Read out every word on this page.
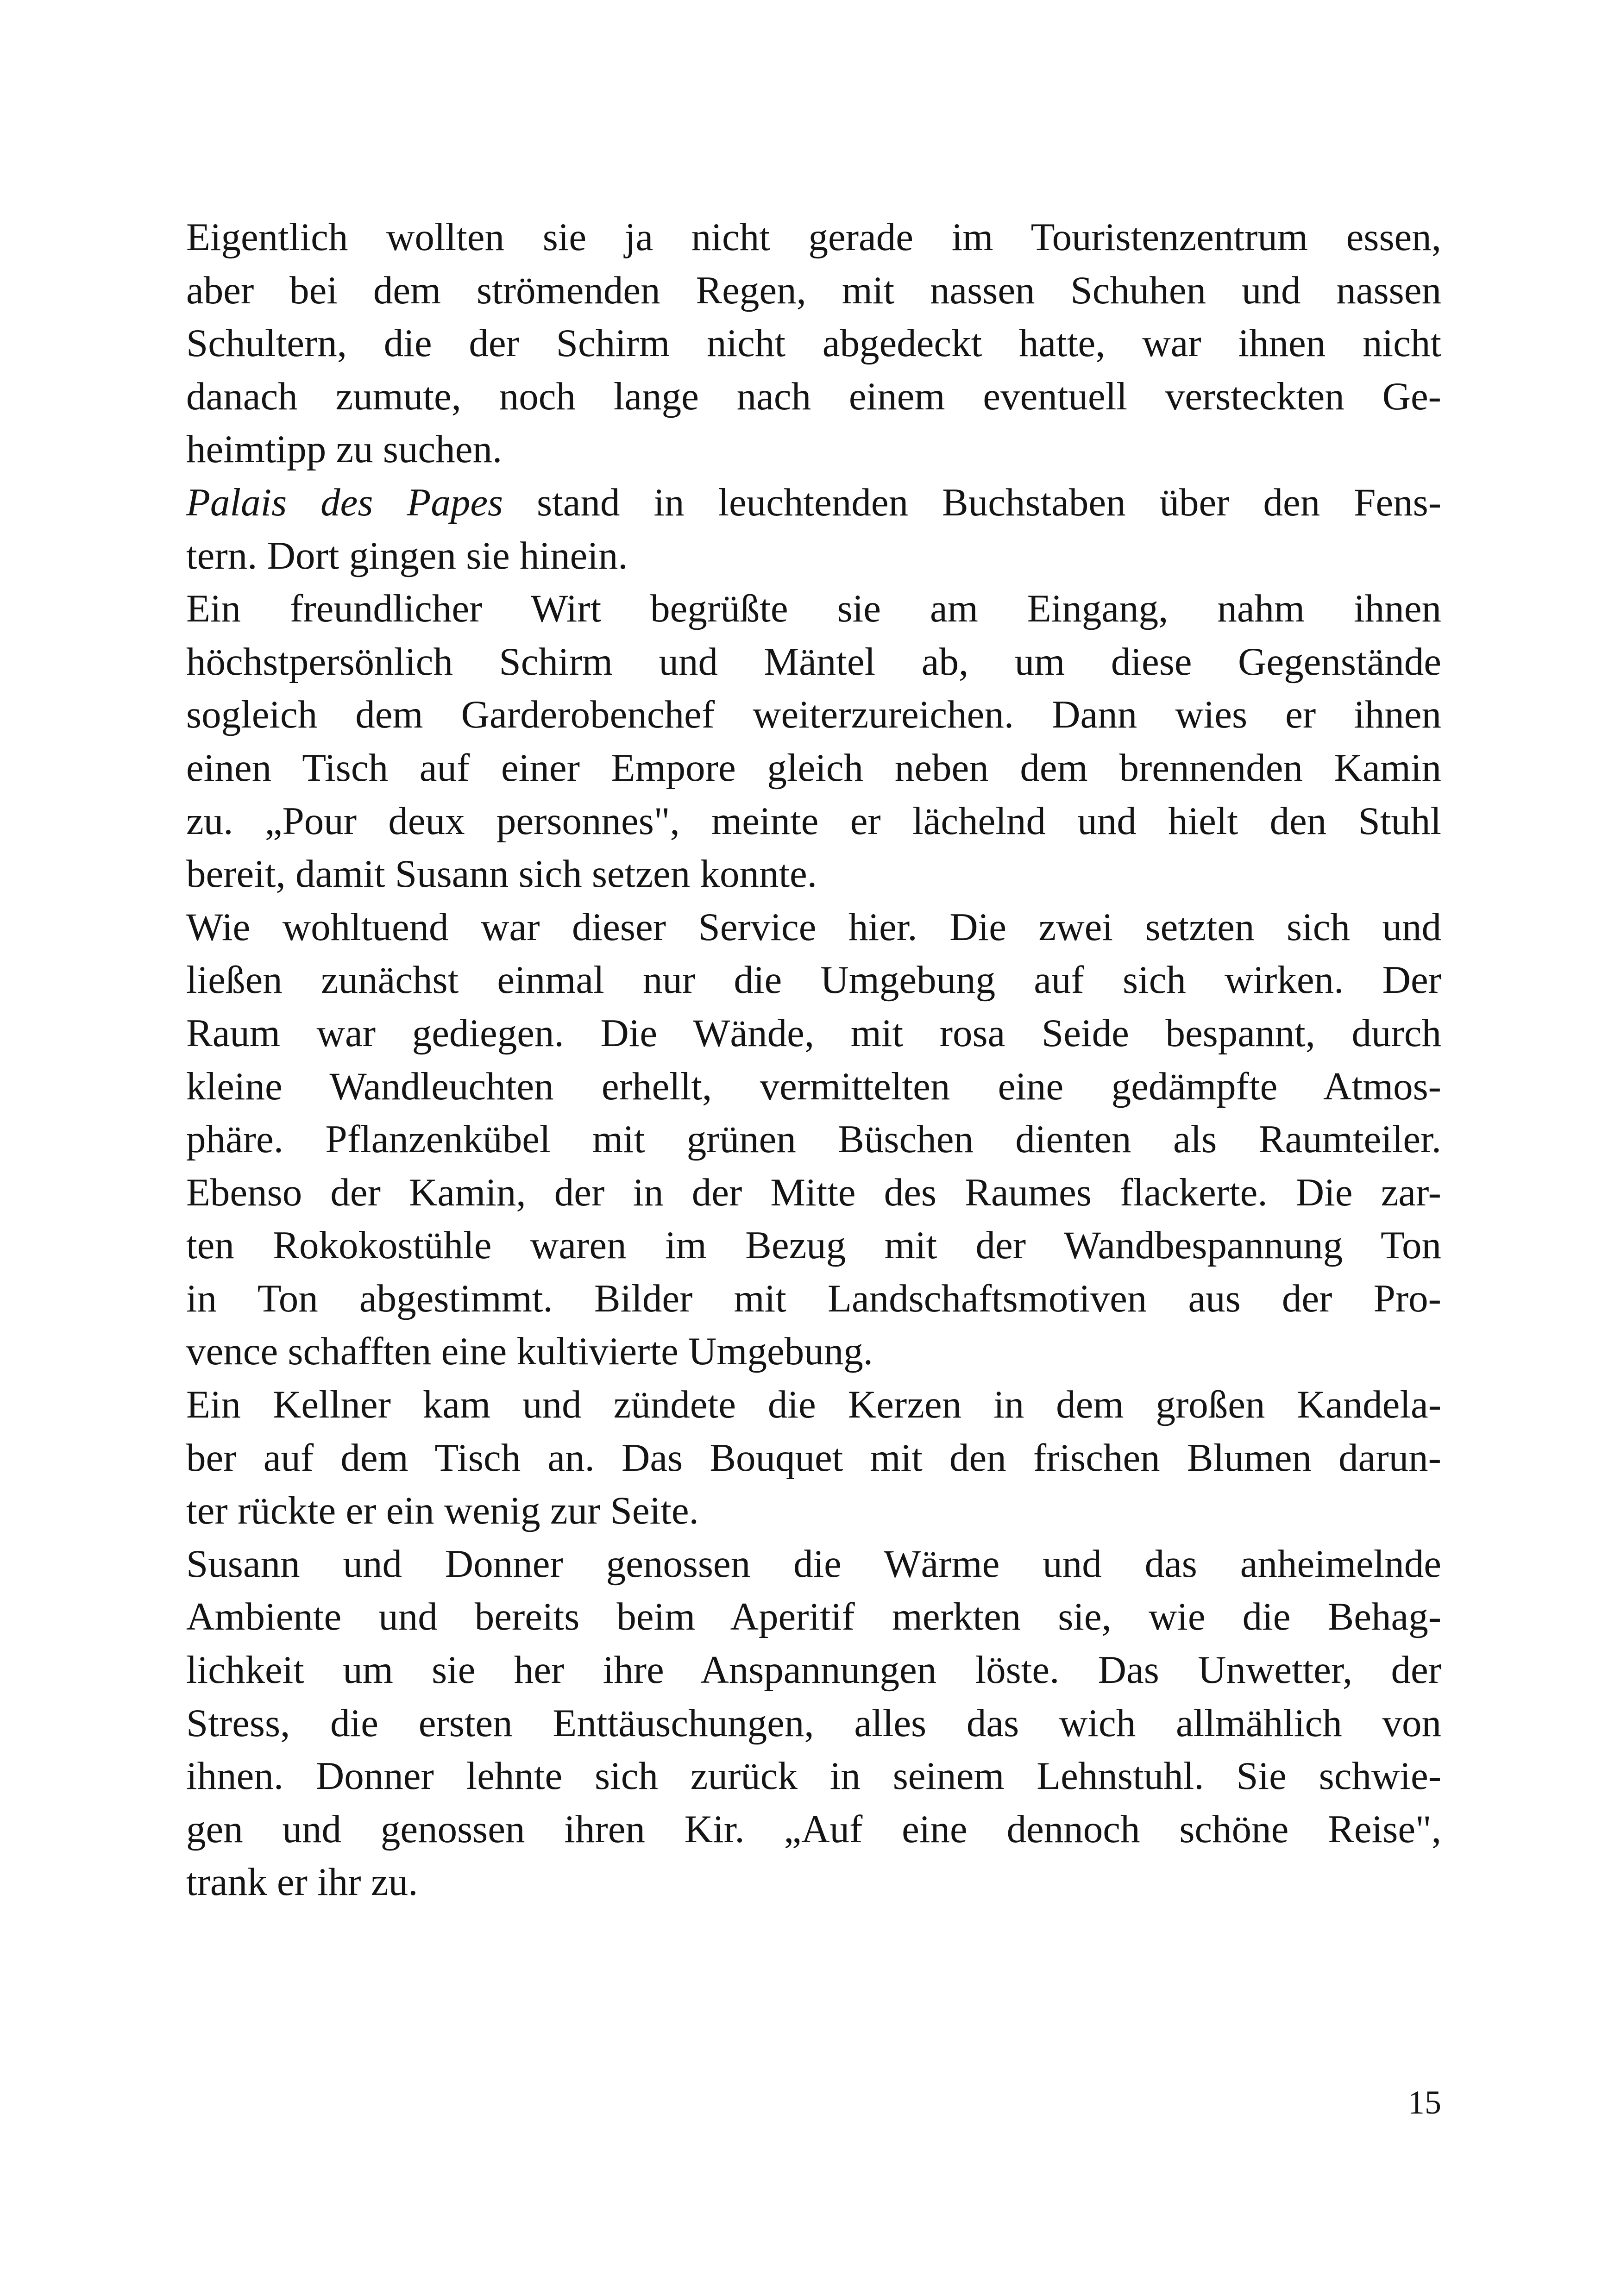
Eigentlich wollten sie ja nicht gerade im Touristenzentrum essen,
aber bei dem strömenden Regen, mit nassen Schuhen und nassen
Schultern, die der Schirm nicht abgedeckt hatte, war ihnen nicht
danach zumute, noch lange nach einem eventuell versteckten Ge-
heimtipp zu suchen.
Palais des Papes stand in leuchtenden Buchstaben über den Fens-
tern. Dort gingen sie hinein.
Ein freundlicher Wirt begrüßte sie am Eingang, nahm ihnen
höchstpersönlich Schirm und Mäntel ab, um diese Gegenstände
sogleich dem Garderobenchef weiterzureichen. Dann wies er ihnen
einen Tisch auf einer Empore gleich neben dem brennenden Kamin
zu. „Pour deux personnes", meinte er lächelnd und hielt den Stuhl
bereit, damit Susann sich setzen konnte.
Wie wohltuend war dieser Service hier. Die zwei setzten sich und
ließen zunächst einmal nur die Umgebung auf sich wirken. Der
Raum war gediegen. Die Wände, mit rosa Seide bespannt, durch
kleine Wandleuchten erhellt, vermittelten eine gedämpfte Atmos-
phäre. Pflanzenkübel mit grünen Büschen dienten als Raumteiler.
Ebenso der Kamin, der in der Mitte des Raumes flackerte. Die zar-
ten Rokokostühle waren im Bezug mit der Wandbespannung Ton
in Ton abgestimmt. Bilder mit Landschaftsmotiven aus der Pro-
vence schafften eine kultivierte Umgebung.
Ein Kellner kam und zündete die Kerzen in dem großen Kandela-
ber auf dem Tisch an. Das Bouquet mit den frischen Blumen darun-
ter rückte er ein wenig zur Seite.
Susann und Donner genossen die Wärme und das anheimelnde
Ambiente und bereits beim Aperitif merkten sie, wie die Behag-
lichkeit um sie her ihre Anspannungen löste. Das Unwetter, der
Stress, die ersten Enttäuschungen, alles das wich allmählich von
ihnen. Donner lehnte sich zurück in seinem Lehnstuhl. Sie schwie-
gen und genossen ihren Kir. „Auf eine dennoch schöne Reise",
trank er ihr zu.
15
